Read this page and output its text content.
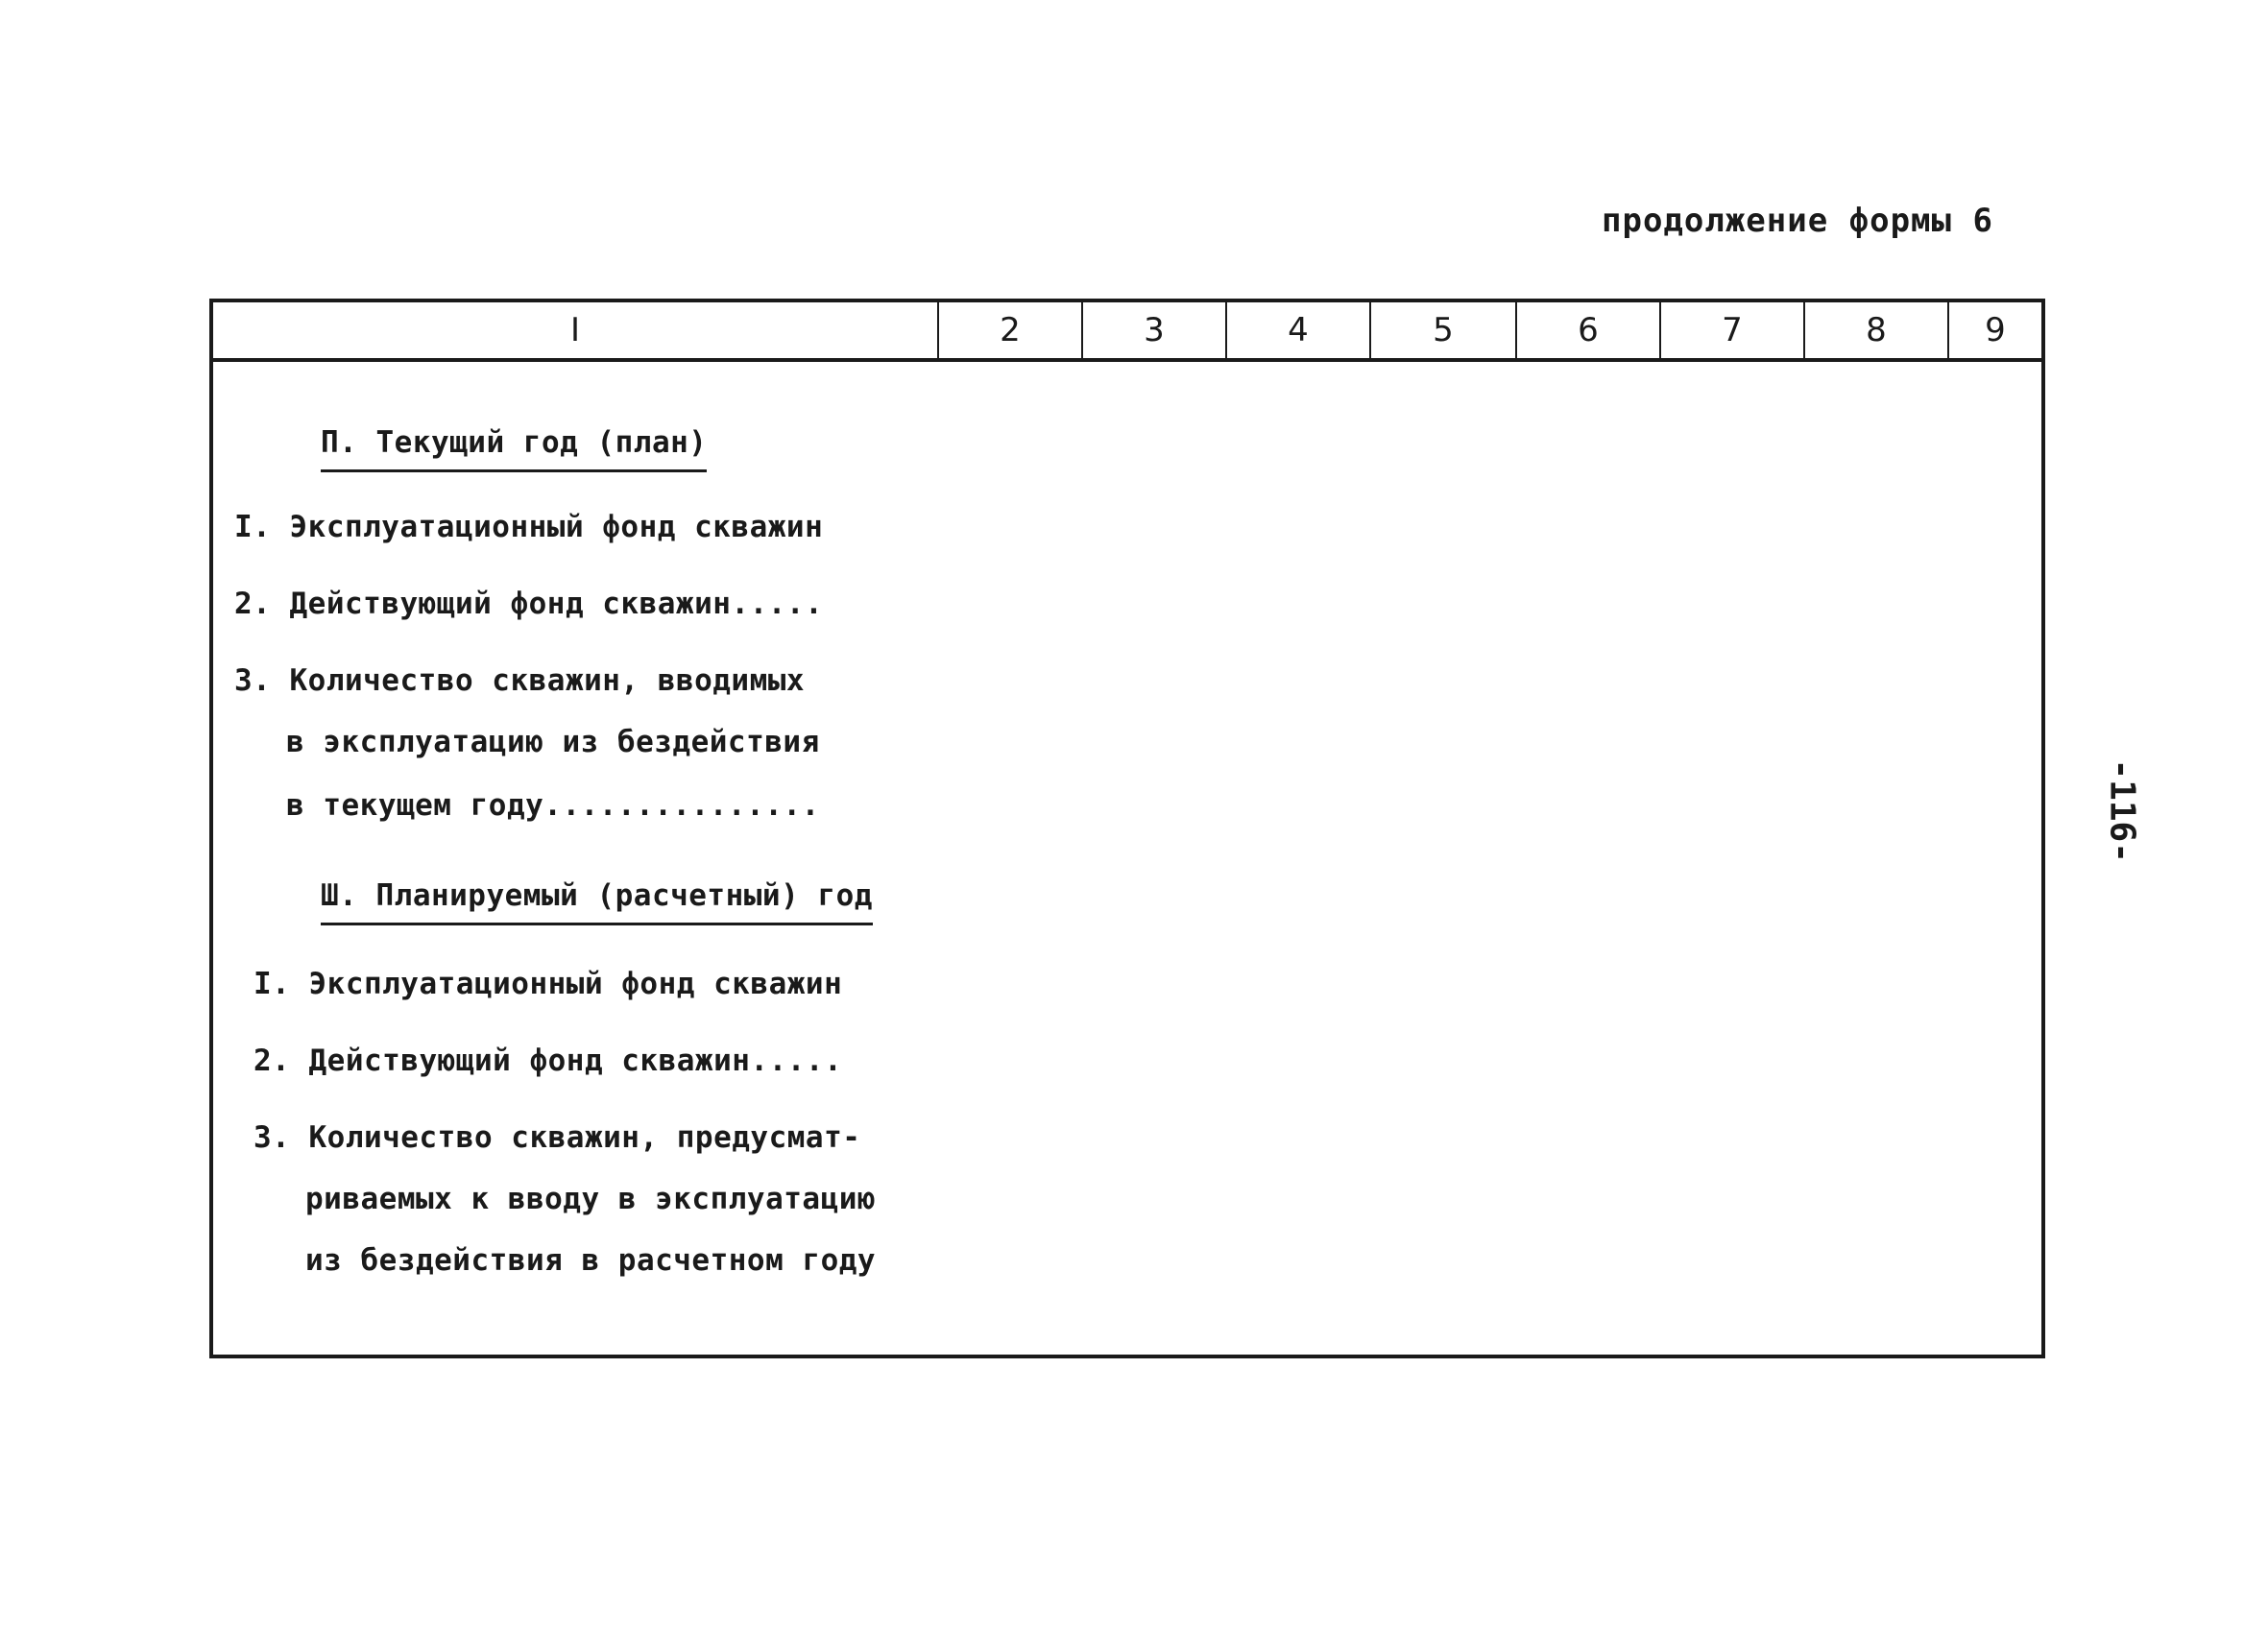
продолжение формы 6
-116-
I	2	3	4	5	6	7	8	9
П. Текущий год (план)
I. Эксплуатационный фонд скважин
2. Действующий фонд скважин.....
3. Количество скважин, вводимых
в эксплуатацию из бездействия
в текущем году...............
Ш. Планируемый (расчетный) год
I. Эксплуатационный фонд скважин
2. Действующий фонд скважин.....
3. Количество скважин, предусмат-
риваемых к вводу в эксплуатацию
из бездействия в расчетном году
